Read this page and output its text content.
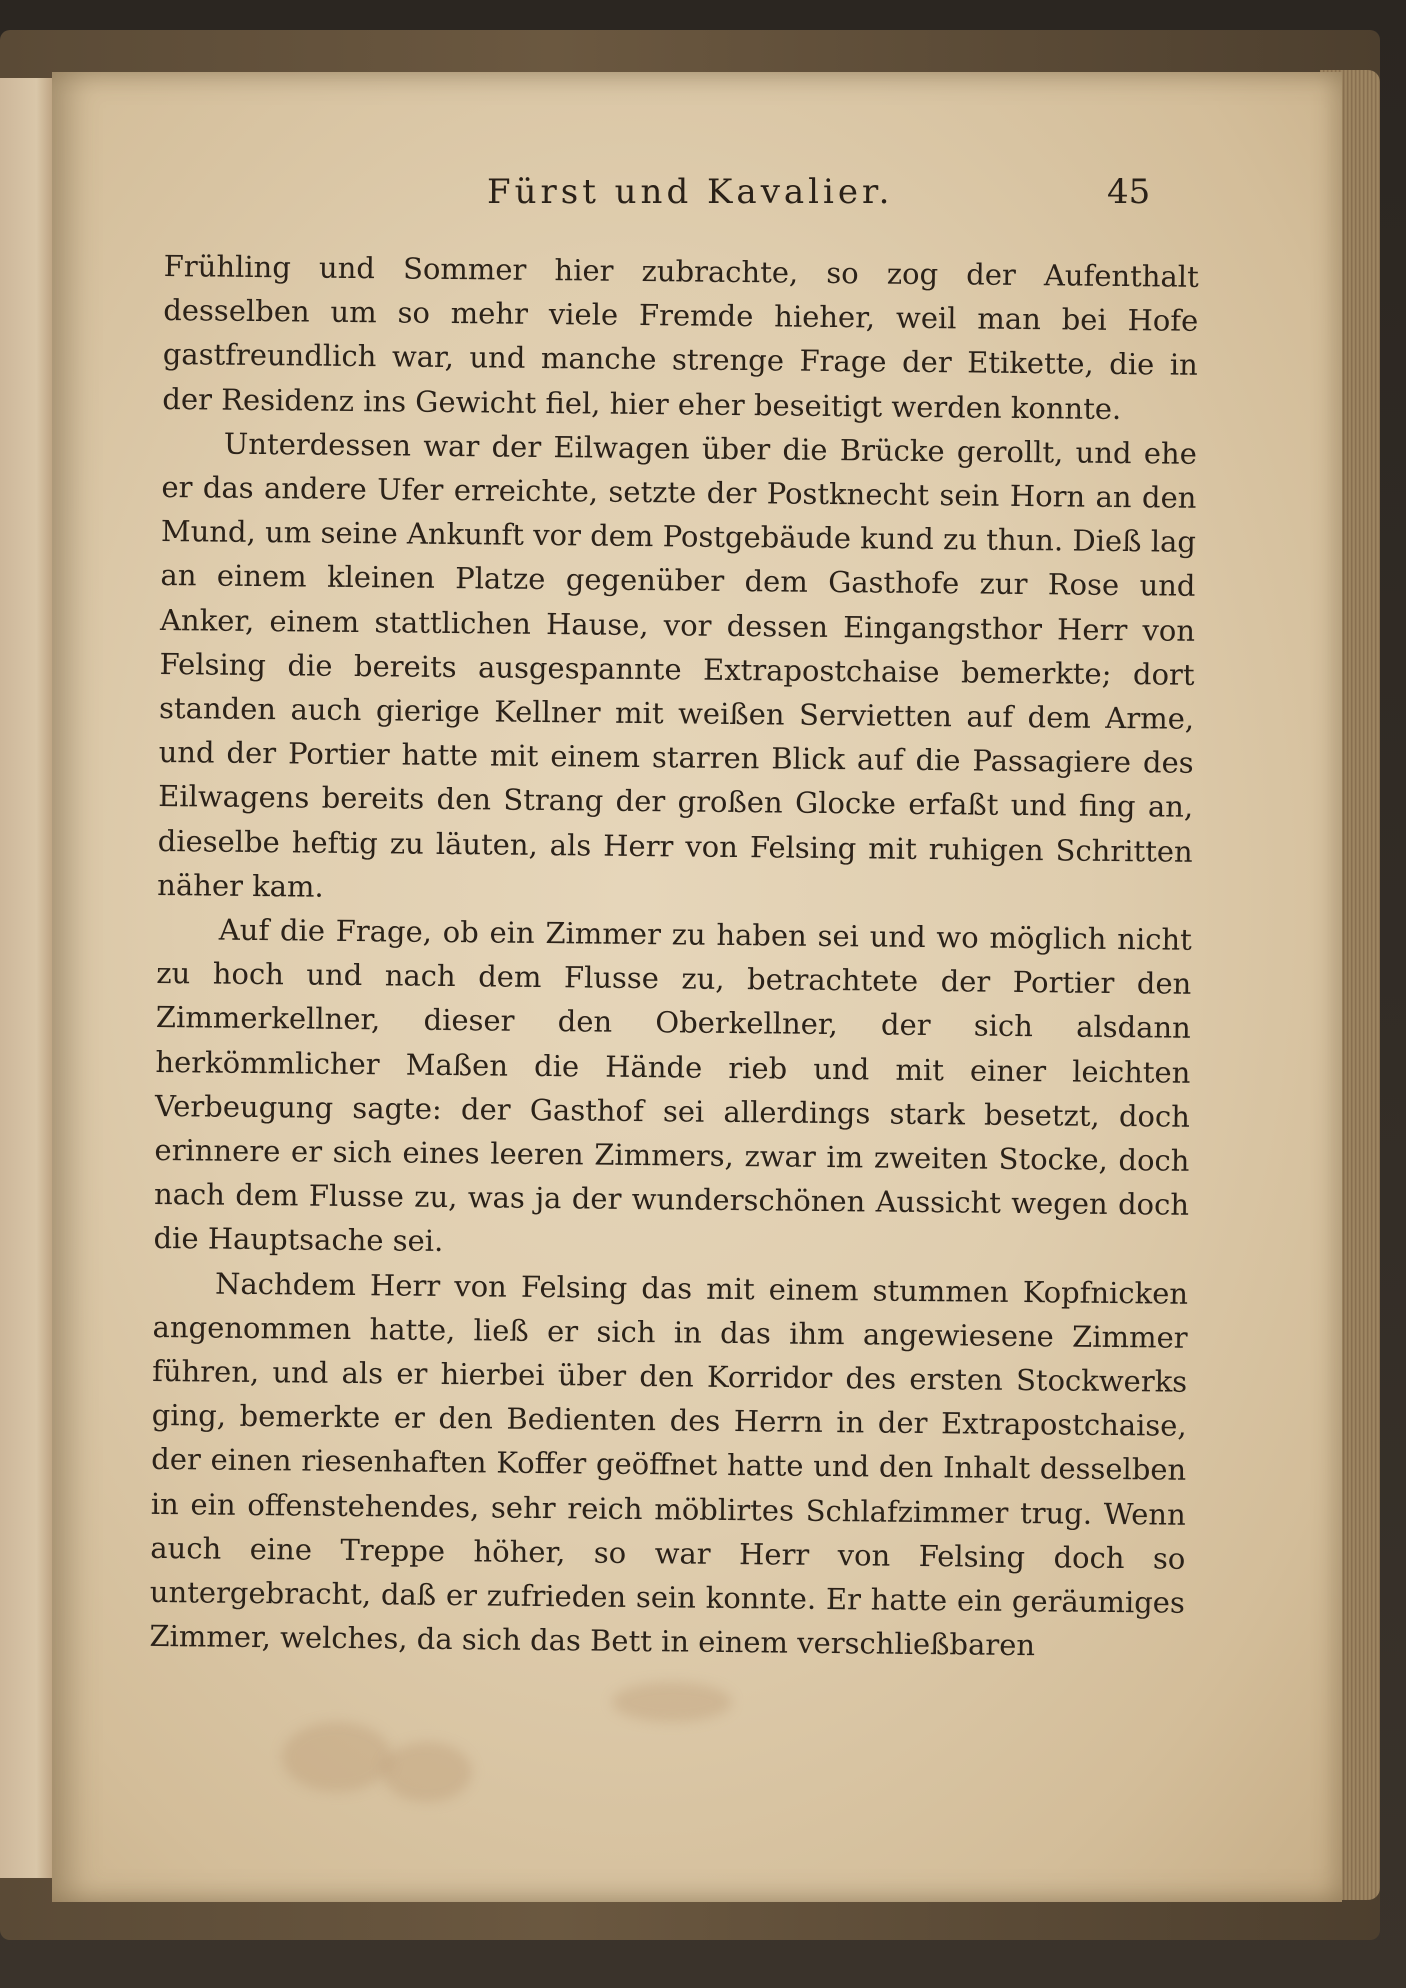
Fürst und Kavalier.	45

Frühling und Sommer hier zubrachte, so zog der Aufenthalt desselben um so mehr viele Fremde hieher, weil man bei Hofe gastfreundlich war, und manche strenge Frage der Etikette, die in der Residenz ins Gewicht fiel, hier eher beseitigt werden konnte.

Unterdessen war der Eilwagen über die Brücke gerollt, und ehe er das andere Ufer erreichte, setzte der Postknecht sein Horn an den Mund, um seine Ankunft vor dem Postgebäude kund zu thun. Dieß lag an einem kleinen Platze gegenüber dem Gasthofe zur Rose und Anker, einem stattlichen Hause, vor dessen Eingangsthor Herr von Felsing die bereits ausgespannte Extrapostchaise bemerkte; dort standen auch gierige Kellner mit weißen Servietten auf dem Arme, und der Portier hatte mit einem starren Blick auf die Passagiere des Eilwagens bereits den Strang der großen Glocke erfaßt und fing an, dieselbe heftig zu läuten, als Herr von Felsing mit ruhigen Schritten näher kam.

Auf die Frage, ob ein Zimmer zu haben sei und wo möglich nicht zu hoch und nach dem Flusse zu, betrachtete der Portier den Zimmerkellner, dieser den Oberkellner, der sich alsdann herkömmlicher Maßen die Hände rieb und mit einer leichten Verbeugung sagte: der Gasthof sei allerdings stark besetzt, doch erinnere er sich eines leeren Zimmers, zwar im zweiten Stocke, doch nach dem Flusse zu, was ja der wunderschönen Aussicht wegen doch die Hauptsache sei.

Nachdem Herr von Felsing das mit einem stummen Kopfnicken angenommen hatte, ließ er sich in das ihm angewiesene Zimmer führen, und als er hierbei über den Korridor des ersten Stockwerks ging, bemerkte er den Bedienten des Herrn in der Extrapostchaise, der einen riesenhaften Koffer geöffnet hatte und den Inhalt desselben in ein offenstehendes, sehr reich möblirtes Schlafzimmer trug. Wenn auch eine Treppe höher, so war Herr von Felsing doch so untergebracht, daß er zufrieden sein konnte. Er hatte ein geräumiges Zimmer, welches, da sich das Bett in einem verschließbaren
